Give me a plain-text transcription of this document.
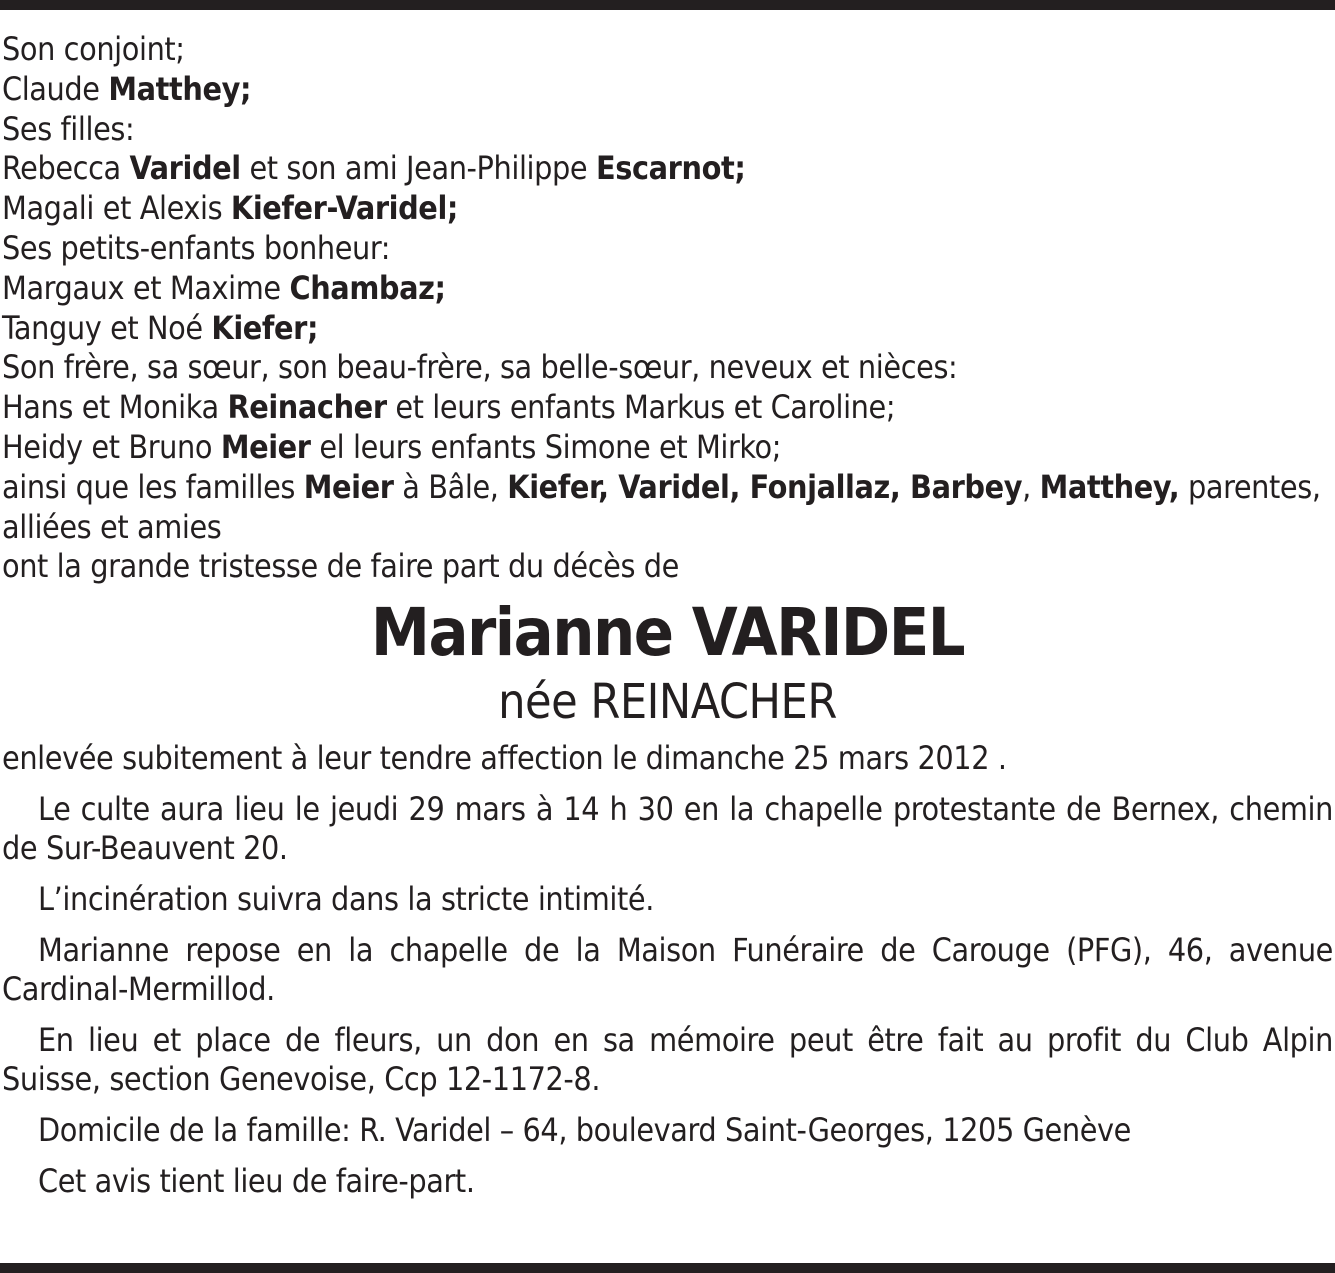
Son conjoint;
Claude Matthey;
Ses filles:
Rebecca Varidel et son ami Jean-Philippe Escarnot;
Magali et Alexis Kiefer-Varidel;
Ses petits-enfants bonheur:
Margaux et Maxime Chambaz;
Tanguy et Noé Kiefer;
Son frère, sa sœur, son beau-frère, sa belle-sœur, neveux et nièces:
Hans et Monika Reinacher et leurs enfants Markus et Caroline;
Heidy et Bruno Meier el leurs enfants Simone et Mirko;
ainsi que les familles Meier à Bâle, Kiefer, Varidel, Fonjallaz, Barbey, Matthey, parentes, alliées et amies
ont la grande tristesse de faire part du décès de
Marianne VARIDEL
née REINACHER
enlevée subitement à leur tendre affection le dimanche 25 mars 2012 .
Le culte aura lieu le jeudi 29 mars à 14 h 30 en la chapelle protestante de Bernex, chemin de Sur-Beauvent 20.
L’incinération suivra dans la stricte intimité.
Marianne repose en la chapelle de la Maison Funéraire de Carouge (PFG), 46, avenue Cardinal-Mermillod.
En lieu et place de fleurs, un don en sa mémoire peut être fait au profit du Club Alpin Suisse, section Genevoise, Ccp 12-1172-8.
Domicile de la famille: R. Varidel – 64, boulevard Saint-Georges, 1205 Genève
Cet avis tient lieu de faire-part.
